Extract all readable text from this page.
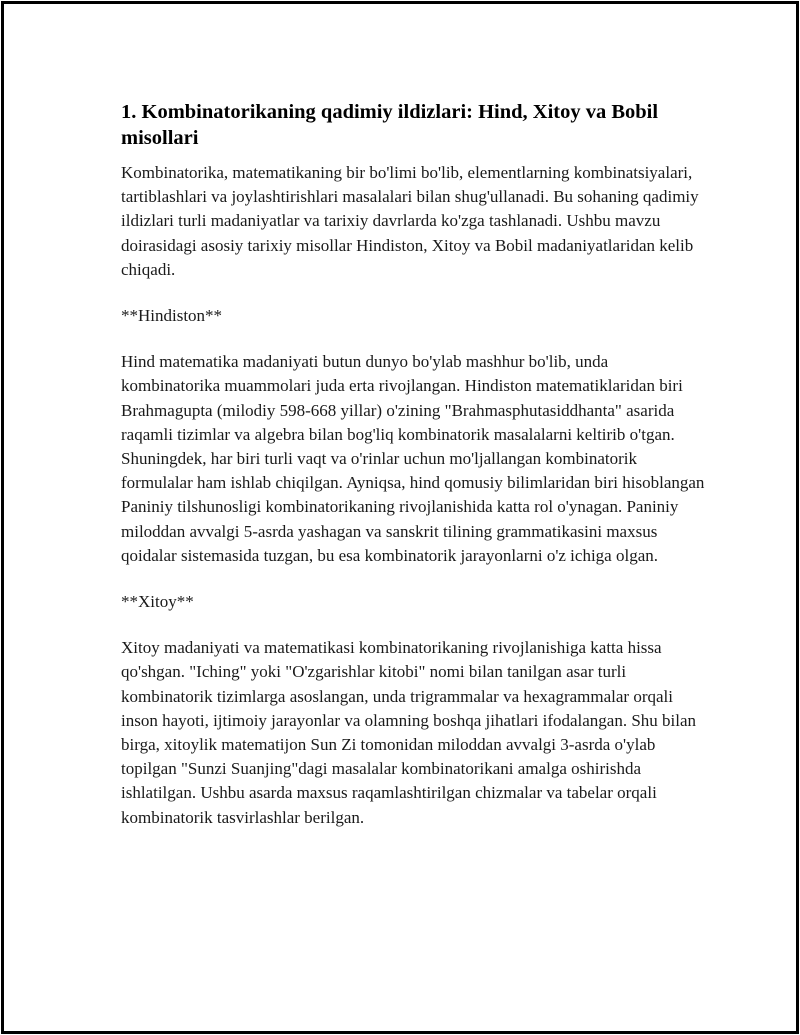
1. Kombinatorikaning qadimiy ildizlari: Hind, Xitoy va Bobil misollari

Kombinatorika, matematikaning bir bo'limi bo'lib, elementlarning kombinatsiyalari, tartiblashlari va joylashtirishlari masalalari bilan shug'ullanadi. Bu sohaning qadimiy ildizlari turli madaniyatlar va tarixiy davrlarda ko'zga tashlanadi. Ushbu mavzu doirasidagi asosiy tarixiy misollar Hindiston, Xitoy va Bobil madaniyatlaridan kelib chiqadi.

**Hindiston**

Hind matematika madaniyati butun dunyo bo'ylab mashhur bo'lib, unda kombinatorika muammolari juda erta rivojlangan. Hindiston matematiklaridan biri Brahmagupta (milodiy 598-668 yillar) o'zining "Brahmasphutasiddhanta" asarida raqamli tizimlar va algebra bilan bog'liq kombinatorik masalalarni keltirib o'tgan. Shuningdek, har biri turli vaqt va o'rinlar uchun mo'ljallangan kombinatorik formulalar ham ishlab chiqilgan. Ayniqsa, hind qomusiy bilimlaridan biri hisoblangan Paniniy tilshunosligi kombinatorikaning rivojlanishida katta rol o'ynagan. Paniniy miloddan avvalgi 5-asrda yashagan va sanskrit tilining grammatikasini maxsus qoidalar sistemasida tuzgan, bu esa kombinatorik jarayonlarni o'z ichiga olgan.

**Xitoy**

Xitoy madaniyati va matematikasi kombinatorikaning rivojlanishiga katta hissa qo'shgan. "Iching" yoki "O'zgarishlar kitobi" nomi bilan tanilgan asar turli kombinatorik tizimlarga asoslangan, unda trigrammalar va hexagrammalar orqali inson hayoti, ijtimoiy jarayonlar va olamning boshqa jihatlari ifodalangan. Shu bilan birga, xitoylik matematijon Sun Zi tomonidan miloddan avvalgi 3-asrda o'ylab topilgan "Sunzi Suanjing"dagi masalalar kombinatorikani amalga oshirishda ishlatilgan. Ushbu asarda maxsus raqamlashtirilgan chizmalar va tabelar orqali kombinatorik tasvirlashlar berilgan.
